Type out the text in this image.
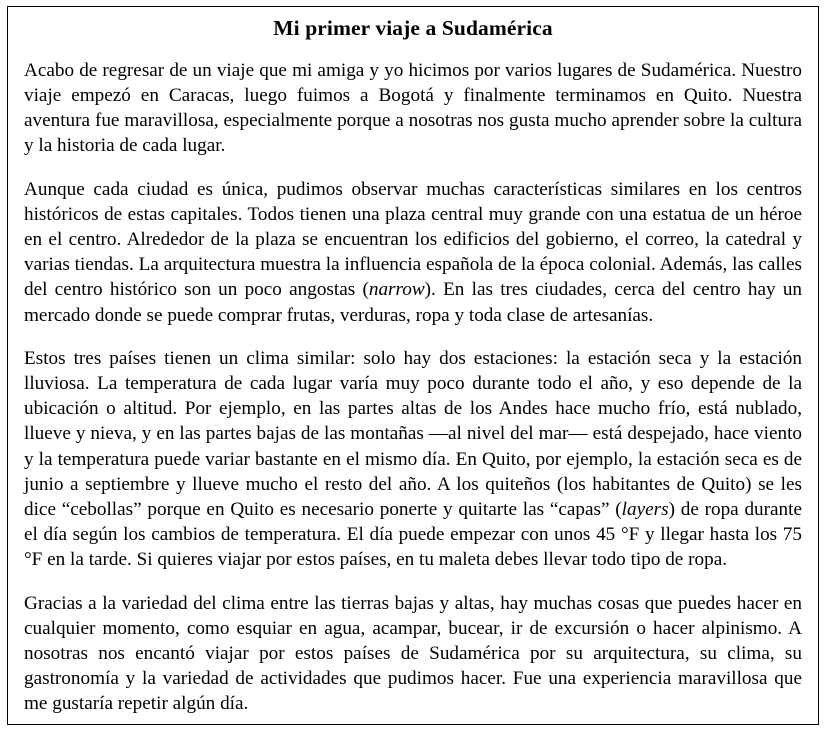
Mi primer viaje a Sudamérica

Acabo de regresar de un viaje que mi amiga y yo hicimos por varios lugares de Sudamérica. Nuestro viaje empezó en Caracas, luego fuimos a Bogotá y finalmente terminamos en Quito. Nuestra aventura fue maravillosa, especialmente porque a nosotras nos gusta mucho aprender sobre la cultura y la historia de cada lugar.

Aunque cada ciudad es única, pudimos observar muchas características similares en los centros históricos de estas capitales. Todos tienen una plaza central muy grande con una estatua de un héroe en el centro. Alrededor de la plaza se encuentran los edificios del gobierno, el correo, la catedral y varias tiendas. La arquitectura muestra la influencia española de la época colonial. Además, las calles del centro histórico son un poco angostas (narrow). En las tres ciudades, cerca del centro hay un mercado donde se puede comprar frutas, verduras, ropa y toda clase de artesanías.

Estos tres países tienen un clima similar: solo hay dos estaciones: la estación seca y la estación lluviosa. La temperatura de cada lugar varía muy poco durante todo el año, y eso depende de la ubicación o altitud. Por ejemplo, en las partes altas de los Andes hace mucho frío, está nublado, llueve y nieva, y en las partes bajas de las montañas —al nivel del mar— está despejado, hace viento y la temperatura puede variar bastante en el mismo día. En Quito, por ejemplo, la estación seca es de junio a septiembre y llueve mucho el resto del año. A los quiteños (los habitantes de Quito) se les dice “cebollas” porque en Quito es necesario ponerte y quitarte las “capas” (layers) de ropa durante el día según los cambios de temperatura. El día puede empezar con unos 45 °F y llegar hasta los 75 °F en la tarde. Si quieres viajar por estos países, en tu maleta debes llevar todo tipo de ropa.

Gracias a la variedad del clima entre las tierras bajas y altas, hay muchas cosas que puedes hacer en cualquier momento, como esquiar en agua, acampar, bucear, ir de excursión o hacer alpinismo. A nosotras nos encantó viajar por estos países de Sudamérica por su arquitectura, su clima, su gastronomía y la variedad de actividades que pudimos hacer. Fue una experiencia maravillosa que me gustaría repetir algún día.
